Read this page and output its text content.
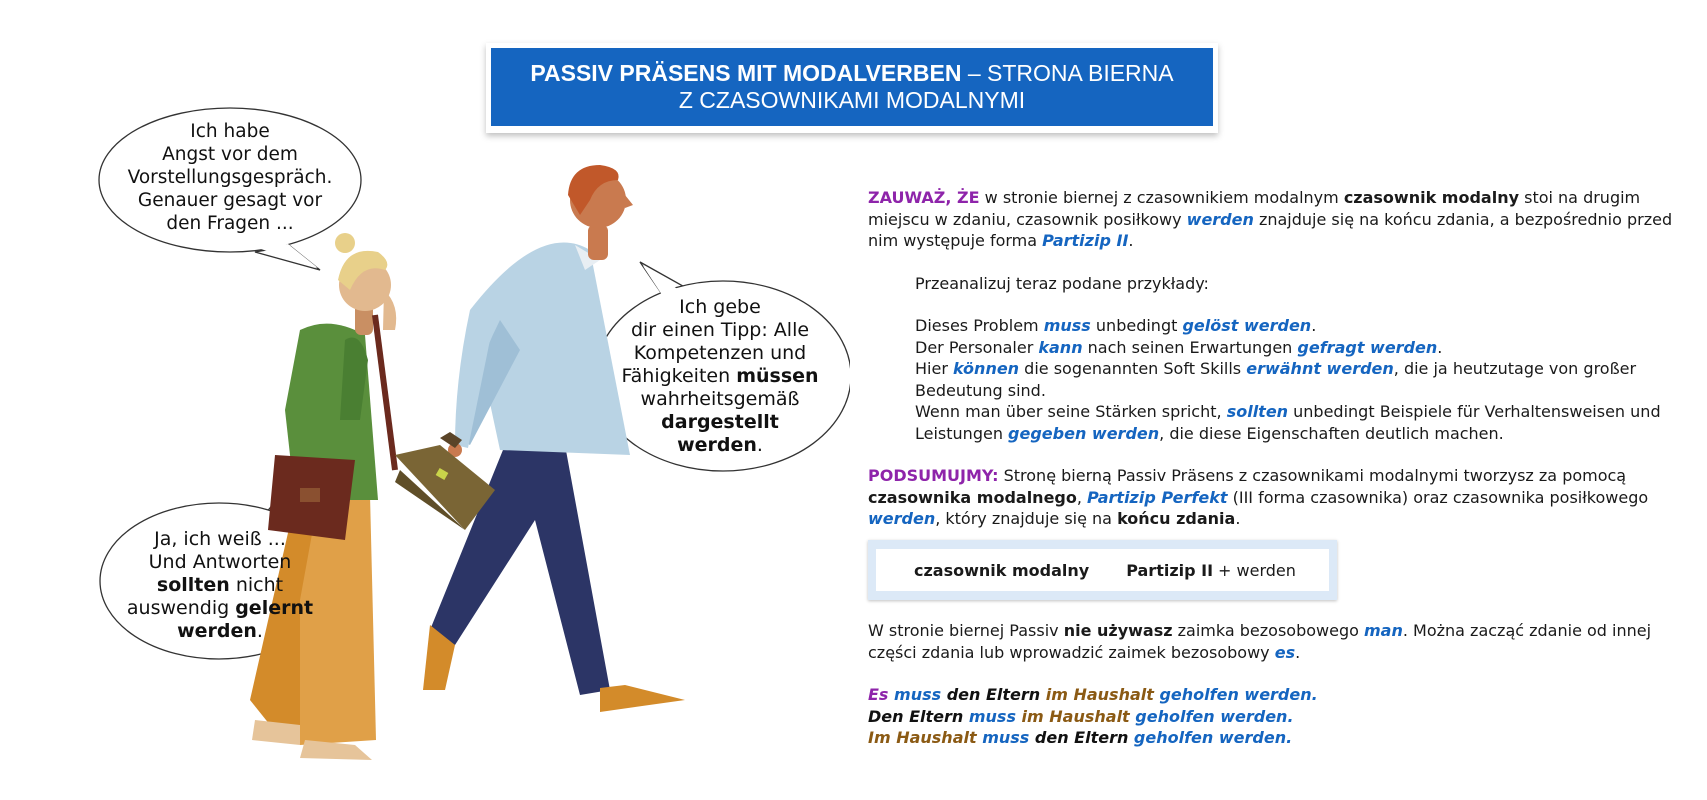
PASSIV PRÄSENS MIT MODALVERBEN – STRONA BIERNA
Z CZASOWNIKAMI MODALNYMI
Ich habe
Angst vor dem
Vorstellungsgespräch.
Genauer gesagt vor
den Fragen ...
Ich gebe
dir einen Tipp: Alle
Kompetenzen und
Fähigkeiten müssen
wahrheitsgemäß
dargestellt
werden.
Ja, ich weiß ...
Und Antworten
sollten nicht
auswendig gelernt
werden.

ZAUWAŻ, ŻE w stronie biernej z czasownikiem modalnym czasownik modalny stoi na drugim miejscu w zdaniu, czasownik posiłkowy werden znajduje się na końcu zdania, a bezpośrednio przed nim występuje forma Partizip II.

Przeanalizuj teraz podane przykłady:

Dieses Problem muss unbedingt gelöst werden.

Der Personaler kann nach seinen Erwartungen gefragt werden.

Hier können die sogenannten Soft Skills erwähnt werden, die ja heutzutage von großer Bedeutung sind.

Wenn man über seine Stärken spricht, sollten unbedingt Beispiele für Verhaltensweisen und Leistungen gegeben werden, die diese Eigenschaften deutlich machen.

PODSUMUJMY: Stronę bierną Passiv Präsens z czasownikami modalnymi tworzysz za pomocą czasownika modalnego, Partizip Perfekt (III forma czasownika) oraz czasownika posiłkowego werden, który znajduje się na końcu zdania.

czasownik modalny Partizip II + werden

W stronie biernej Passiv nie używasz zaimka bezosobowego man. Można zacząć zdanie od innej części zdania lub wprowadzić zaimek bezosobowy es.

Es muss den Eltern im Haushalt geholfen werden.

Den Eltern muss im Haushalt geholfen werden.

Im Haushalt muss den Eltern geholfen werden.
